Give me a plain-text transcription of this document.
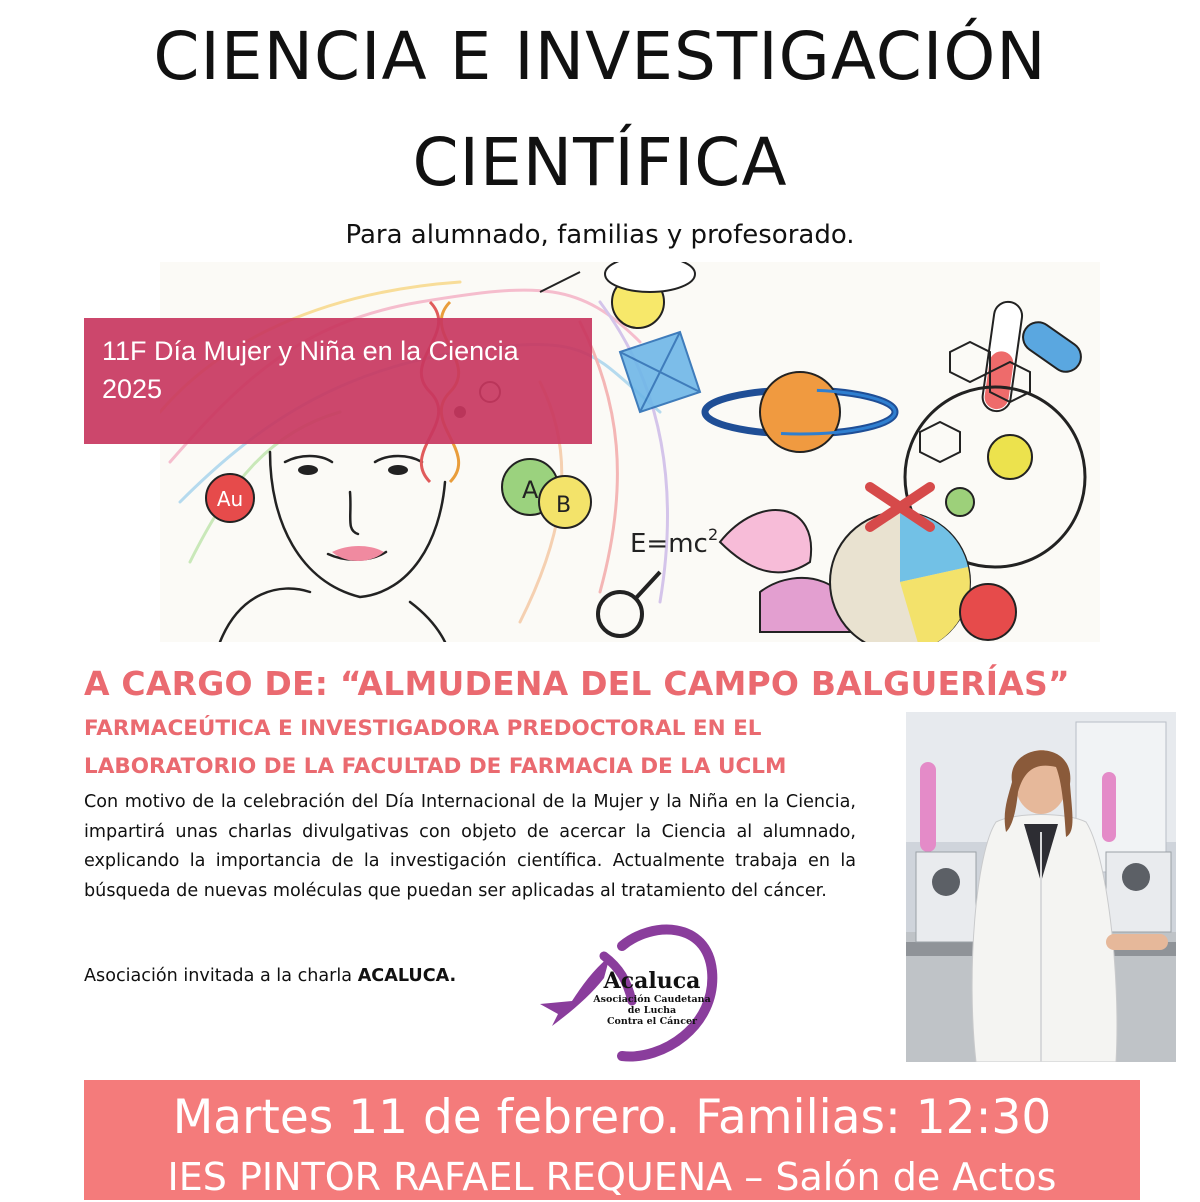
CIENCIA E INVESTIGACIÓN
CIENTÍFICA
Para alumnado, familias y profesorado.
Au	A
B
E=mc 2
11F Día Mujer y Niña en la Ciencia
2025
A CARGO DE: “ALMUDENA DEL CAMPO BALGUERÍAS”
FARMACEÚTICA E INVESTIGADORA PREDOCTORAL EN EL
LABORATORIO DE LA FACULTAD DE FARMACIA DE LA UCLM

Con motivo de la celebración del Día Internacional de la Mujer y la Niña en la Ciencia, impartirá unas charlas divulgativas con objeto de acercar la Ciencia al alumnado, explicando la importancia de la investigación científica. Actualmente trabaja en la búsqueda de nuevas moléculas que puedan ser aplicadas al tratamiento del cáncer.

Asociación invitada a la charla ACALUCA.	Acaluca
Asociación Caudetana
de Lucha
Contra el Cáncer
Martes 11 de febrero. Familias: 12:30
IES PINTOR RAFAEL REQUENA – Salón de Actos
